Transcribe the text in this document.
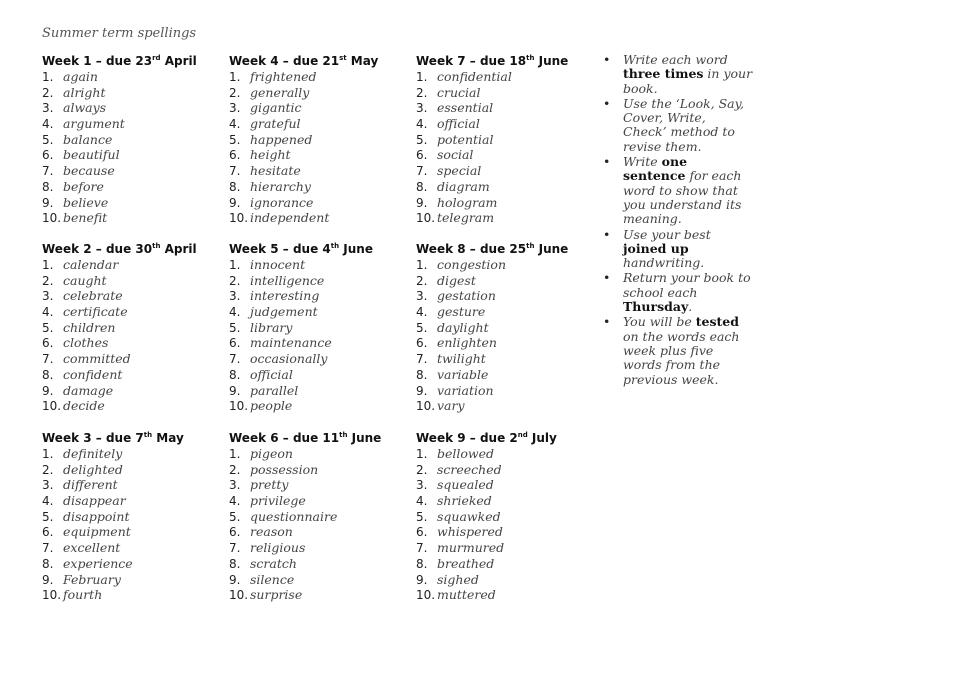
Summer term spellings
Week 1 – due 23rd April
1. again
2. alright
3. always
4. argument
5. balance
6. beautiful
7. because
8. before
9. believe
10. benefit
Week 2 – due 30th April
1. calendar
2. caught
3. celebrate
4. certificate
5. children
6. clothes
7. committed
8. confident
9. damage
10. decide
Week 3 – due 7th May
1. definitely
2. delighted
3. different
4. disappear
5. disappoint
6. equipment
7. excellent
8. experience
9. February
10. fourth
Week 4 – due 21st May
1. frightened
2. generally
3. gigantic
4. grateful
5. happened
6. height
7. hesitate
8. hierarchy
9. ignorance
10. independent
Week 5 – due 4th June
1. innocent
2. intelligence
3. interesting
4. judgement
5. library
6. maintenance
7. occasionally
8. official
9. parallel
10. people
Week 6 – due 11th June
1. pigeon
2. possession
3. pretty
4. privilege
5. questionnaire
6. reason
7. religious
8. scratch
9. silence
10. surprise
Week 7 – due 18th June
1. confidential
2. crucial
3. essential
4. official
5. potential
6. social
7. special
8. diagram
9. hologram
10. telegram
Week 8 – due 25th June
1. congestion
2. digest
3. gestation
4. gesture
5. daylight
6. enlighten
7. twilight
8. variable
9. variation
10. vary
Week 9 – due 2nd July
1. bellowed
2. screeched
3. squealed
4. shrieked
5. squawked
6. whispered
7. murmured
8. breathed
9. sighed
10. muttered
• Write each word three times in your book.
• Use the ‘Look, Say, Cover, Write, Check’ method to revise them.
• Write one sentence for each word to show that you understand its meaning.
• Use your best joined up handwriting.
• Return your book to school each Thursday.
• You will be tested on the words each week plus five words from the previous week.
